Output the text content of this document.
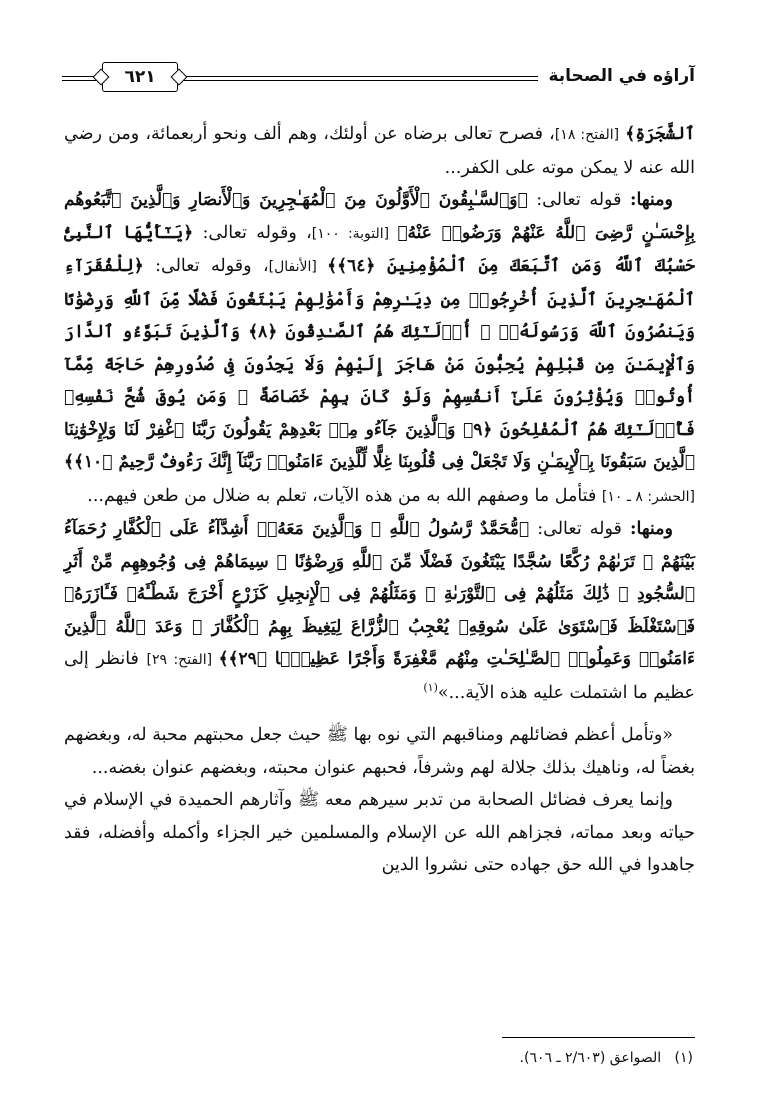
آراؤه في الصحابة
٦٢١

ٱلشَّجَرَةِ﴾ [الفتح: ١٨]، فصرح تعالى برضاه عن أولئك، وهم ألف ونحو أربعمائة، ومن رضي الله عنه لا يمكن موته على الكفر...

ومنها: قوله تعالى: ﴿وَٱلسَّـٰبِقُونَ ٱلْأَوَّلُونَ مِنَ ٱلْمُهَـٰجِرِينَ وَٱلْأَنصَارِ وَٱلَّذِينَ ٱتَّبَعُوهُم بِإِحْسَـٰنٍ رَّضِىَ ٱللَّهُ عَنْهُمْ وَرَضُوا۟ عَنْهُ﴾ [التوبة: ١٠٠]، وقوله تعالى: ﴿يَـٰٓأَيُّهَا ٱلنَّبِىُّ حَسْبُكَ ٱللَّهُ وَمَنِ ٱتَّبَعَكَ مِنَ ٱلْمُؤْمِنِينَ ﴿٦٤﴾﴾ [الأنفال]، وقوله تعالى: ﴿لِلْفُقَرَآءِ ٱلْمُهَـٰجِرِينَ ٱلَّذِينَ أُخْرِجُوا۟ مِن دِيَـٰرِهِمْ وَأَمْوَٰلِهِمْ يَبْتَغُونَ فَضْلًا مِّنَ ٱللَّهِ وَرِضْوَٰنًا وَيَنصُرُونَ ٱللَّهَ وَرَسُولَهُۥٓ ۚ أُو۟لَـٰٓئِكَ هُمُ ٱلصَّـٰدِقُونَ ﴿٨﴾ وَٱلَّذِينَ تَبَوَّءُو ٱلدَّارَ وَٱلْإِيمَـٰنَ مِن قَبْلِهِمْ يُحِبُّونَ مَنْ هَاجَرَ إِلَيْهِمْ وَلَا يَجِدُونَ فِى صُدُورِهِمْ حَاجَةً مِّمَّآ أُوتُوا۟ وَيُؤْثِرُونَ عَلَىٰٓ أَنفُسِهِمْ وَلَوْ كَانَ بِهِمْ خَصَاصَةٌ ۚ وَمَن يُوقَ شُحَّ نَفْسِهِۦ فَأُو۟لَـٰٓئِكَ هُمُ ٱلْمُفْلِحُونَ ﴿٩﴾ وَٱلَّذِينَ جَآءُو مِنۢ بَعْدِهِمْ يَقُولُونَ رَبَّنَا ٱغْفِرْ لَنَا وَلِإِخْوَٰنِنَا ٱلَّذِينَ سَبَقُونَا بِٱلْإِيمَـٰنِ وَلَا تَجْعَلْ فِى قُلُوبِنَا غِلًّا لِّلَّذِينَ ءَامَنُوا۟ رَبَّنَآ إِنَّكَ رَءُوفٌ رَّحِيمٌ ﴿١٠﴾﴾ [الحشر: ٨ ـ ١٠] فتأمل ما وصفهم الله به من هذه الآيات، تعلم به ضلال من طعن فيهم...

ومنها: قوله تعالى: ﴿مُّحَمَّدٌ رَّسُولُ ٱللَّهِ ۚ وَٱلَّذِينَ مَعَهُۥٓ أَشِدَّآءُ عَلَى ٱلْكُفَّارِ رُحَمَآءُ بَيْنَهُمْ ۖ تَرَىٰهُمْ رُكَّعًا سُجَّدًا يَبْتَغُونَ فَضْلًا مِّنَ ٱللَّهِ وَرِضْوَٰنًا ۖ سِيمَاهُمْ فِى وُجُوهِهِم مِّنْ أَثَرِ ٱلسُّجُودِ ۚ ذَٰلِكَ مَثَلُهُمْ فِى ٱلتَّوْرَىٰةِ ۚ وَمَثَلُهُمْ فِى ٱلْإِنجِيلِ كَزَرْعٍ أَخْرَجَ شَطْـَٔهُۥ فَـَٔازَرَهُۥ فَٱسْتَغْلَظَ فَٱسْتَوَىٰ عَلَىٰ سُوقِهِۦ يُعْجِبُ ٱلزُّرَّاعَ لِيَغِيظَ بِهِمُ ٱلْكُفَّارَ ۗ وَعَدَ ٱللَّهُ ٱلَّذِينَ ءَامَنُوا۟ وَعَمِلُوا۟ ٱلصَّـٰلِحَـٰتِ مِنْهُم مَّغْفِرَةً وَأَجْرًا عَظِيمًۢا ﴿٢٩﴾﴾ [الفتح: ٢٩] فانظر إلى عظيم ما اشتملت عليه هذه الآية...»$^{(١)}$

«وتأمل أعظم فضائلهم ومناقبهم التي نوه بها ﷺ حيث جعل محبتهم محبة له، وبغضهم بغضاً له، وناهيك بذلك جلالة لهم وشرفاً، فحبهم عنوان محبته، وبغضهم عنوان بغضه...

وإنما يعرف فضائل الصحابة من تدبر سيرهم معه ﷺ وآثارهم الحميدة في الإسلام في حياته وبعد مماته، فجزاهم الله عن الإسلام والمسلمين خير الجزاء وأكمله وأفضله، فقد جاهدوا في الله حق جهاده حتى نشروا الدين

(١)   الصواعق (٢/٦٠٣ ـ ٦٠٦).
